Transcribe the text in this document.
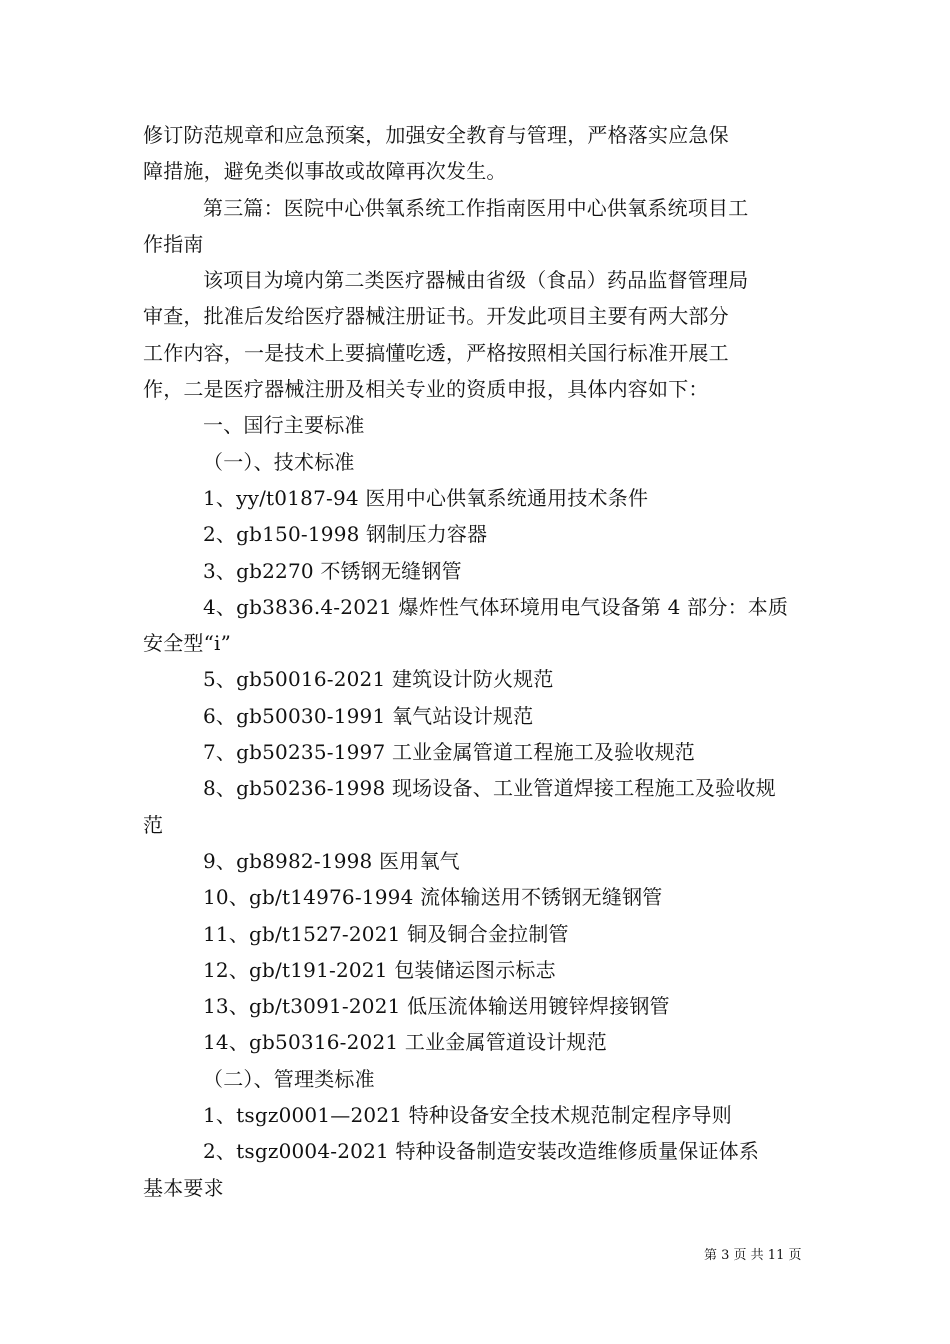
修订防范规章和应急预案，加强安全教育与管理，严格落实应急保
障措施，避免类似事故或故障再次发生。
第三篇：医院中心供氧系统工作指南医用中心供氧系统项目工
作指南
该项目为境内第二类医疗器械由省级（食品）药品监督管理局
审查，批准后发给医疗器械注册证书。开发此项目主要有两大部分
工作内容，一是技术上要搞懂吃透，严格按照相关国行标准开展工
作，二是医疗器械注册及相关专业的资质申报，具体内容如下：
一、国行主要标准
（一）、技术标准
1、yy/t0187-94 医用中心供氧系统通用技术条件
2、gb150-1998 钢制压力容器
3、gb2270 不锈钢无缝钢管
4、gb3836.4-2021 爆炸性气体环境用电气设备第 4 部分：本质
安全型“i”
5、gb50016-2021 建筑设计防火规范
6、gb50030-1991 氧气站设计规范
7、gb50235-1997 工业金属管道工程施工及验收规范
8、gb50236-1998 现场设备、工业管道焊接工程施工及验收规
范
9、gb8982-1998 医用氧气
10、gb/t14976-1994 流体输送用不锈钢无缝钢管
11、gb/t1527-2021 铜及铜合金拉制管
12、gb/t191-2021 包装储运图示标志
13、gb/t3091-2021 低压流体输送用镀锌焊接钢管
14、gb50316-2021 工业金属管道设计规范
（二）、管理类标准
1、tsgz0001—2021 特种设备安全技术规范制定程序导则
2、tsgz0004-2021 特种设备制造安装改造维修质量保证体系
基本要求
第 3 页 共 11 页
